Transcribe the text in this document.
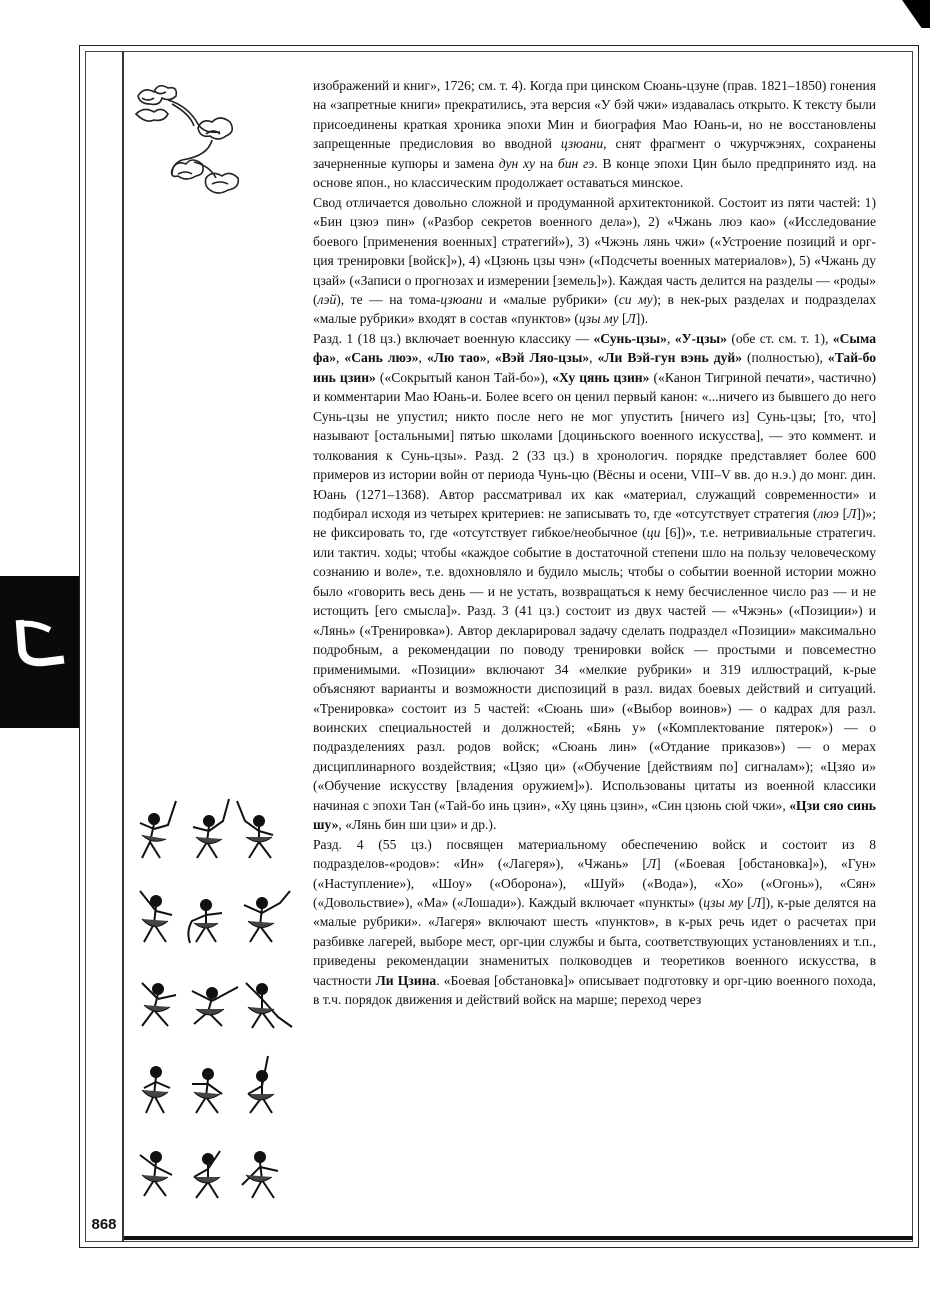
868

изображений и книг», 1726; см. т. 4). Когда при цинском Сюань-цзуне (прав. 1821–1850) гонения на «запретные книги» прекратились, эта версия «У бэй чжи» издавалась открыто. К тексту были присоединены краткая хроника эпохи Мин и биография Мао Юань-и, но не восстановлены запрещенные предисловия во вводной цзюани, снят фрагмент о чжурчжэнях, сохранены зачерненные купюры и замена дун ху на бин гэ. В конце эпохи Цин было предпринято изд. на основе япон., но классическим продолжает оставаться минское.

Свод отличается довольно сложной и продуманной архитектоникой. Состоит из пяти частей: 1) «Бин цзюэ пин» («Разбор секретов военного дела»), 2) «Чжань люэ као» («Исследование боевого [применения военных] стратегий»), 3) «Чжэнь лянь чжи» («Устроение позиций и орг-ция тренировки [войск]»), 4) «Цзюнь цзы чэн» («Подсчеты военных материалов»), 5) «Чжань ду цзай» («Записи о прогнозах и измерении [земель]»). Каждая часть делится на разделы — «роды» (лэй), те — на тома-цзюани и «малые рубрики» (си му); в нек-рых разделах и подразделах «малые рубрики» входят в состав «пунктов» (цзы му [Л]).

Разд. 1 (18 цз.) включает военную классику — «Сунь-цзы», «У-цзы» (обе ст. см. т. 1), «Сыма фа», «Сань люэ», «Лю тао», «Вэй Ляо-цзы», «Ли Вэй-гун вэнь дуй» (полностью), «Тай-бо инь цзин» («Сокрытый канон Тай-бо»), «Ху цянь цзин» («Канон Тигриной печати», частично) и комментарии Мао Юань-и. Более всего он ценил первый канон: «...ничего из бывшего до него Сунь-цзы не упустил; никто после него не мог упустить [ничего из] Сунь-цзы; [то, что] называют [остальными] пятью школами [доциньского военного искусства], — это коммент. и толкования к Сунь-цзы». Разд. 2 (33 цз.) в хронологич. порядке представляет более 600 примеров из истории войн от периода Чунь-цю (Вёсны и осени, VIII–V вв. до н.э.) до монг. дин. Юань (1271–1368). Автор рассматривал их как «материал, служащий современности» и подбирал исходя из четырех критериев: не записывать то, где «отсутствует стратегия (люэ [Л])»; не фиксировать то, где «отсутствует гибкое/необычное (ци [6])», т.е. нетривиальные стратегич. или тактич. ходы; чтобы «каждое событие в достаточной степени шло на пользу человеческому сознанию и воле», т.е. вдохновляло и будило мысль; чтобы о событии военной истории можно было «говорить весь день — и не устать, возвращаться к нему бесчисленное число раз — и не истощить [его смысла]». Разд. 3 (41 цз.) состоит из двух частей — «Чжэнь» («Позиции») и «Лянь» («Тренировка»). Автор декларировал задачу сделать подраздел «Позиции» максимально подробным, а рекомендации по поводу тренировки войск — простыми и повсеместно применимыми. «Позиции» включают 34 «мелкие рубрики» и 319 иллюстраций, к-рые объясняют варианты и возможности диспозиций в разл. видах боевых действий и ситуаций. «Тренировка» состоит из 5 частей: «Сюань ши» («Выбор воинов») — о кадрах для разл. воинских специальностей и должностей; «Бянь у» («Комплектование пятерок») — о подразделениях разл. родов войск; «Сюань лин» («Отдание приказов») — о мерах дисциплинарного воздействия; «Цзяо ци» («Обучение [действиям по] сигналам»); «Цзяо и» («Обучение искусству [владения оружием]»). Использованы цитаты из военной классики начиная с эпохи Тан («Тай-бо инь цзин», «Ху цянь цзин», «Син цзюнь сюй чжи», «Цзи сяо синь шу», «Лянь бин ши цзи» и др.).

Разд. 4 (55 цз.) посвящен материальному обеспечению войск и состоит из 8 подразделов-«родов»: «Ин» («Лагеря»), «Чжань» [Л] («Боевая [обстановка]»), «Гун» («Наступление»), «Шоу» («Оборона»), «Шуй» («Вода»), «Хо» («Огонь»), «Сян» («Довольствие»), «Ма» («Лошади»). Каждый включает «пункты» (цзы му [Л]), к-рые делятся на «малые рубрики». «Лагеря» включают шесть «пунктов», в к-рых речь идет о расчетах при разбивке лагерей, выборе мест, орг-ции службы и быта, соответствующих установлениях и т.п., приведены рекомендации знаменитых полководцев и теоретиков военного искусства, в частности Ли Цзина. «Боевая [обстановка]» описывает подготовку и орг-цию военного похода, в т.ч. порядок движения и действий войск на марше; переход через
